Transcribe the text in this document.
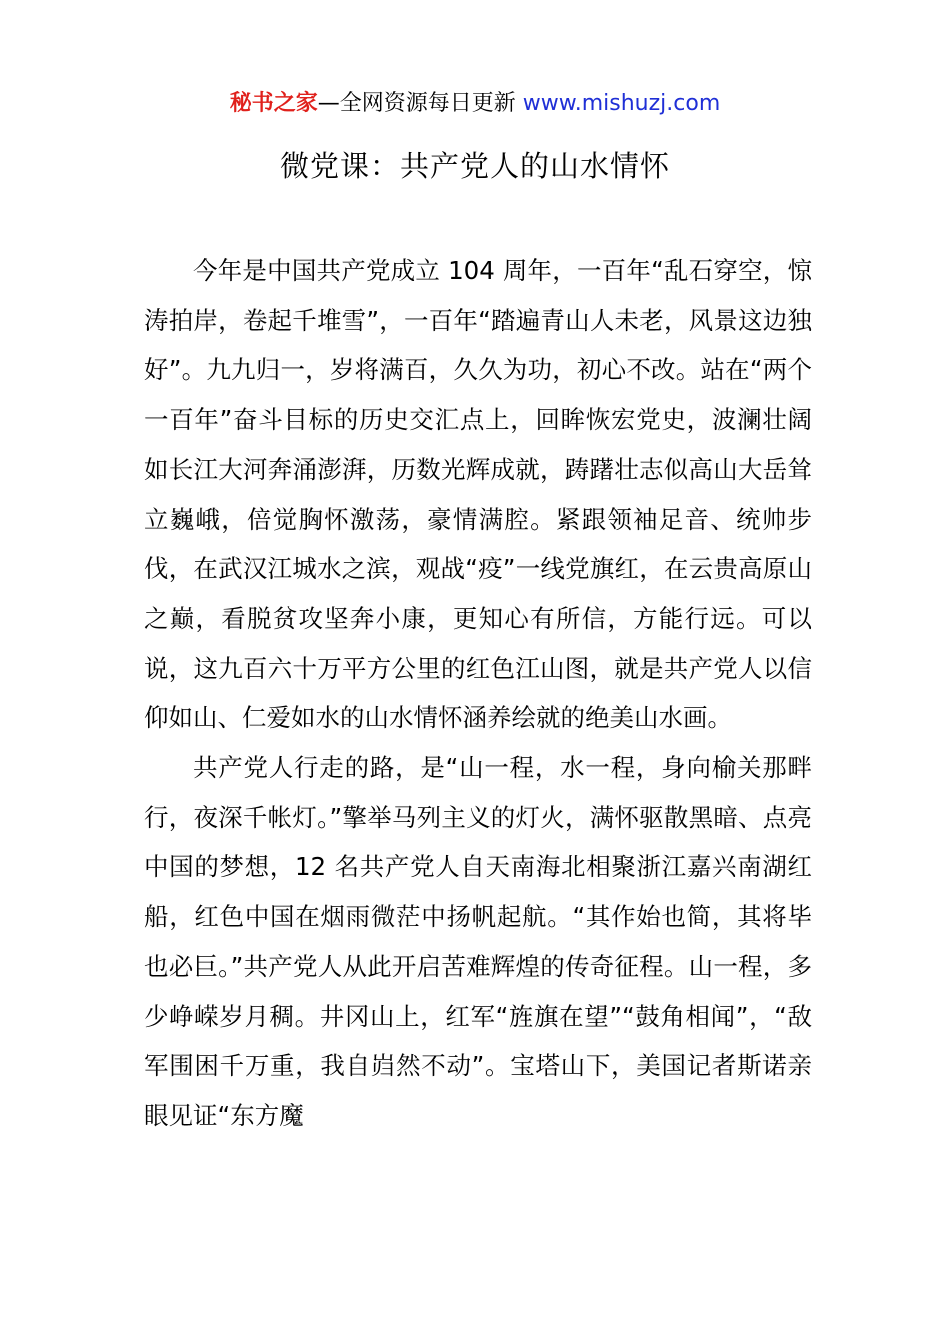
秘书之家—全网资源每日更新 www.mishuzj.com
微党课：共产党人的山水情怀

今年是中国共产党成立 104 周年，一百年“乱石穿空，惊涛拍岸，卷起千堆雪”，一百年“踏遍青山人未老，风景这边独好”。九九归一，岁将满百，久久为功，初心不改。站在“两个一百年”奋斗目标的历史交汇点上，回眸恢宏党史，波澜壮阔如长江大河奔涌澎湃，历数光辉成就，踌躇壮志似高山大岳耸立巍峨，倍觉胸怀激荡，豪情满腔。紧跟领袖足音、统帅步伐，在武汉江城水之滨，观战“疫”一线党旗红，在云贵高原山之巅，看脱贫攻坚奔小康，更知心有所信，方能行远。可以说，这九百六十万平方公里的红色江山图，就是共产党人以信仰如山、仁爱如水的山水情怀涵养绘就的绝美山水画。

共产党人行走的路，是“山一程，水一程，身向榆关那畔行，夜深千帐灯。”擎举马列主义的灯火，满怀驱散黑暗、点亮中国的梦想，12 名共产党人自天南海北相聚浙江嘉兴南湖红船，红色中国在烟雨微茫中扬帆起航。“其作始也简，其将毕也必巨。”共产党人从此开启苦难辉煌的传奇征程。山一程，多少峥嵘岁月稠。井冈山上，红军“旌旗在望”“鼓角相闻”，“敌军围困千万重，我自岿然不动”。宝塔山下，美国记者斯诺亲眼见证“东方魔
